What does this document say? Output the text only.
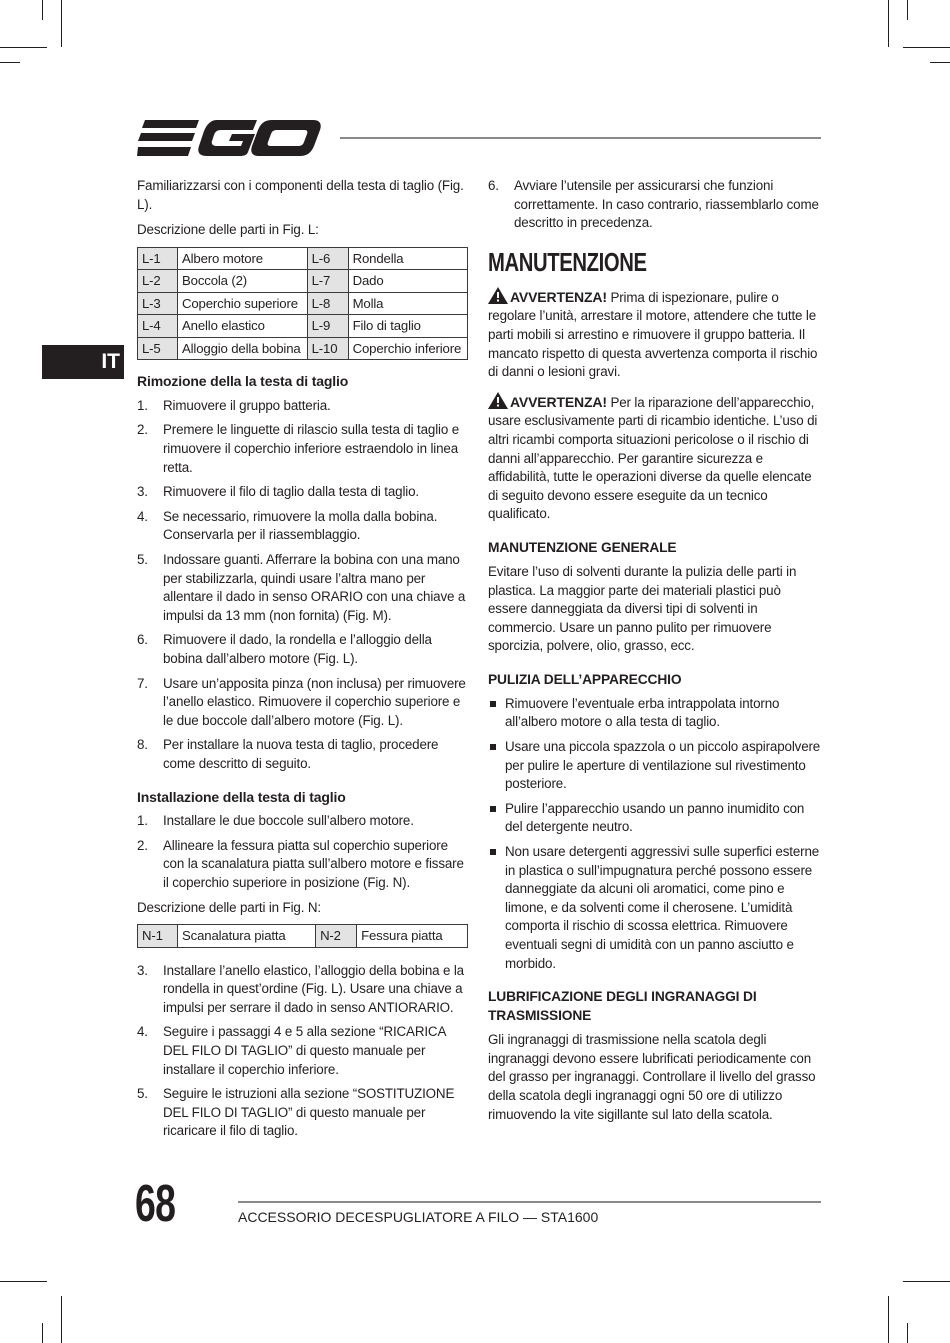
IT

Familiarizzarsi con i componenti della testa di taglio (Fig. L).

Descrizione delle parti in Fig. L:

L-1	Albero motore	L-6	Rondella
L-2	Boccola (2)	L-7	Dado
L-3	Coperchio superiore	L-8	Molla
L-4	Anello elastico	L-9	Filo di taglio
L-5	Alloggio della bobina	L-10	Coperchio inferiore
Rimozione della la testa di taglio
1. Rimuovere il gruppo batteria.
2. Premere le linguette di rilascio sulla testa di taglio e rimuovere il coperchio inferiore estraendolo in linea retta.
3. Rimuovere il filo di taglio dalla testa di taglio.
4. Se necessario, rimuovere la molla dalla bobina. Conservarla per il riassemblaggio.
5. Indossare guanti. Afferrare la bobina con una mano per stabilizzarla, quindi usare l’altra mano per allentare il dado in senso ORARIO con una chiave a impulsi da 13 mm (non fornita) (Fig. M).
6. Rimuovere il dado, la rondella e l’alloggio della bobina dall’albero motore (Fig. L).
7. Usare un’apposita pinza (non inclusa) per rimuovere l’anello elastico. Rimuovere il coperchio superiore e le due boccole dall’albero motore (Fig. L).
8. Per installare la nuova testa di taglio, procedere come descritto di seguito.
Installazione della testa di taglio
1. Installare le due boccole sull’albero motore.
2. Allineare la fessura piatta sul coperchio superiore con la scanalatura piatta sull’albero motore e fissare il coperchio superiore in posizione (Fig. N).

Descrizione delle parti in Fig. N:

N-1	Scanalatura piatta	N-2	Fessura piatta
3. Installare l’anello elastico, l’alloggio della bobina e la rondella in quest’ordine (Fig. L). Usare una chiave a impulsi per serrare il dado in senso ANTIORARIO.
4. Seguire i passaggi 4 e 5 alla sezione “RICARICA DEL FILO DI TAGLIO” di questo manuale per installare il coperchio inferiore.
5. Seguire le istruzioni alla sezione “SOSTITUZIONE DEL FILO DI TAGLIO” di questo manuale per ricaricare il filo di taglio.
6. Avviare l’utensile per assicurarsi che funzioni correttamente. In caso contrario, riassemblarlo come descritto in precedenza.
MANUTENZIONE

AVVERTENZA! Prima di ispezionare, pulire o regolare l’unità, arrestare il motore, attendere che tutte le parti mobili si arrestino e rimuovere il gruppo batteria. Il mancato rispetto di questa avvertenza comporta il rischio di danni o lesioni gravi.

AVVERTENZA! Per la riparazione dell’apparecchio, usare esclusivamente parti di ricambio identiche. L’uso di altri ricambi comporta situazioni pericolose o il rischio di danni all’apparecchio. Per garantire sicurezza e affidabilità, tutte le operazioni diverse da quelle elencate di seguito devono essere eseguite da un tecnico qualificato.

MANUTENZIONE GENERALE

Evitare l’uso di solventi durante la pulizia delle parti in plastica. La maggior parte dei materiali plastici può essere danneggiata da diversi tipi di solventi in commercio. Usare un panno pulito per rimuovere sporcizia, polvere, olio, grasso, ecc.

PULIZIA DELL’APPARECCHIO
Rimuovere l’eventuale erba intrappolata intorno all’albero motore o alla testa di taglio.
Usare una piccola spazzola o un piccolo aspirapolvere per pulire le aperture di ventilazione sul rivestimento posteriore.
Pulire l’apparecchio usando un panno inumidito con del detergente neutro.
Non usare detergenti aggressivi sulle superfici esterne in plastica o sull’impugnatura perché possono essere danneggiate da alcuni oli aromatici, come pino e limone, e da solventi come il cherosene. L’umidità comporta il rischio di scossa elettrica. Rimuovere eventuali segni di umidità con un panno asciutto e morbido.
LUBRIFICAZIONE DEGLI INGRANAGGI DI TRASMISSIONE

Gli ingranaggi di trasmissione nella scatola degli ingranaggi devono essere lubrificati periodicamente con del grasso per ingranaggi. Controllare il livello del grasso della scatola degli ingranaggi ogni 50 ore di utilizzo rimuovendo la vite sigillante sul lato della scatola.

68	ACCESSORIO DECESPUGLIATORE A FILO — STA1600
